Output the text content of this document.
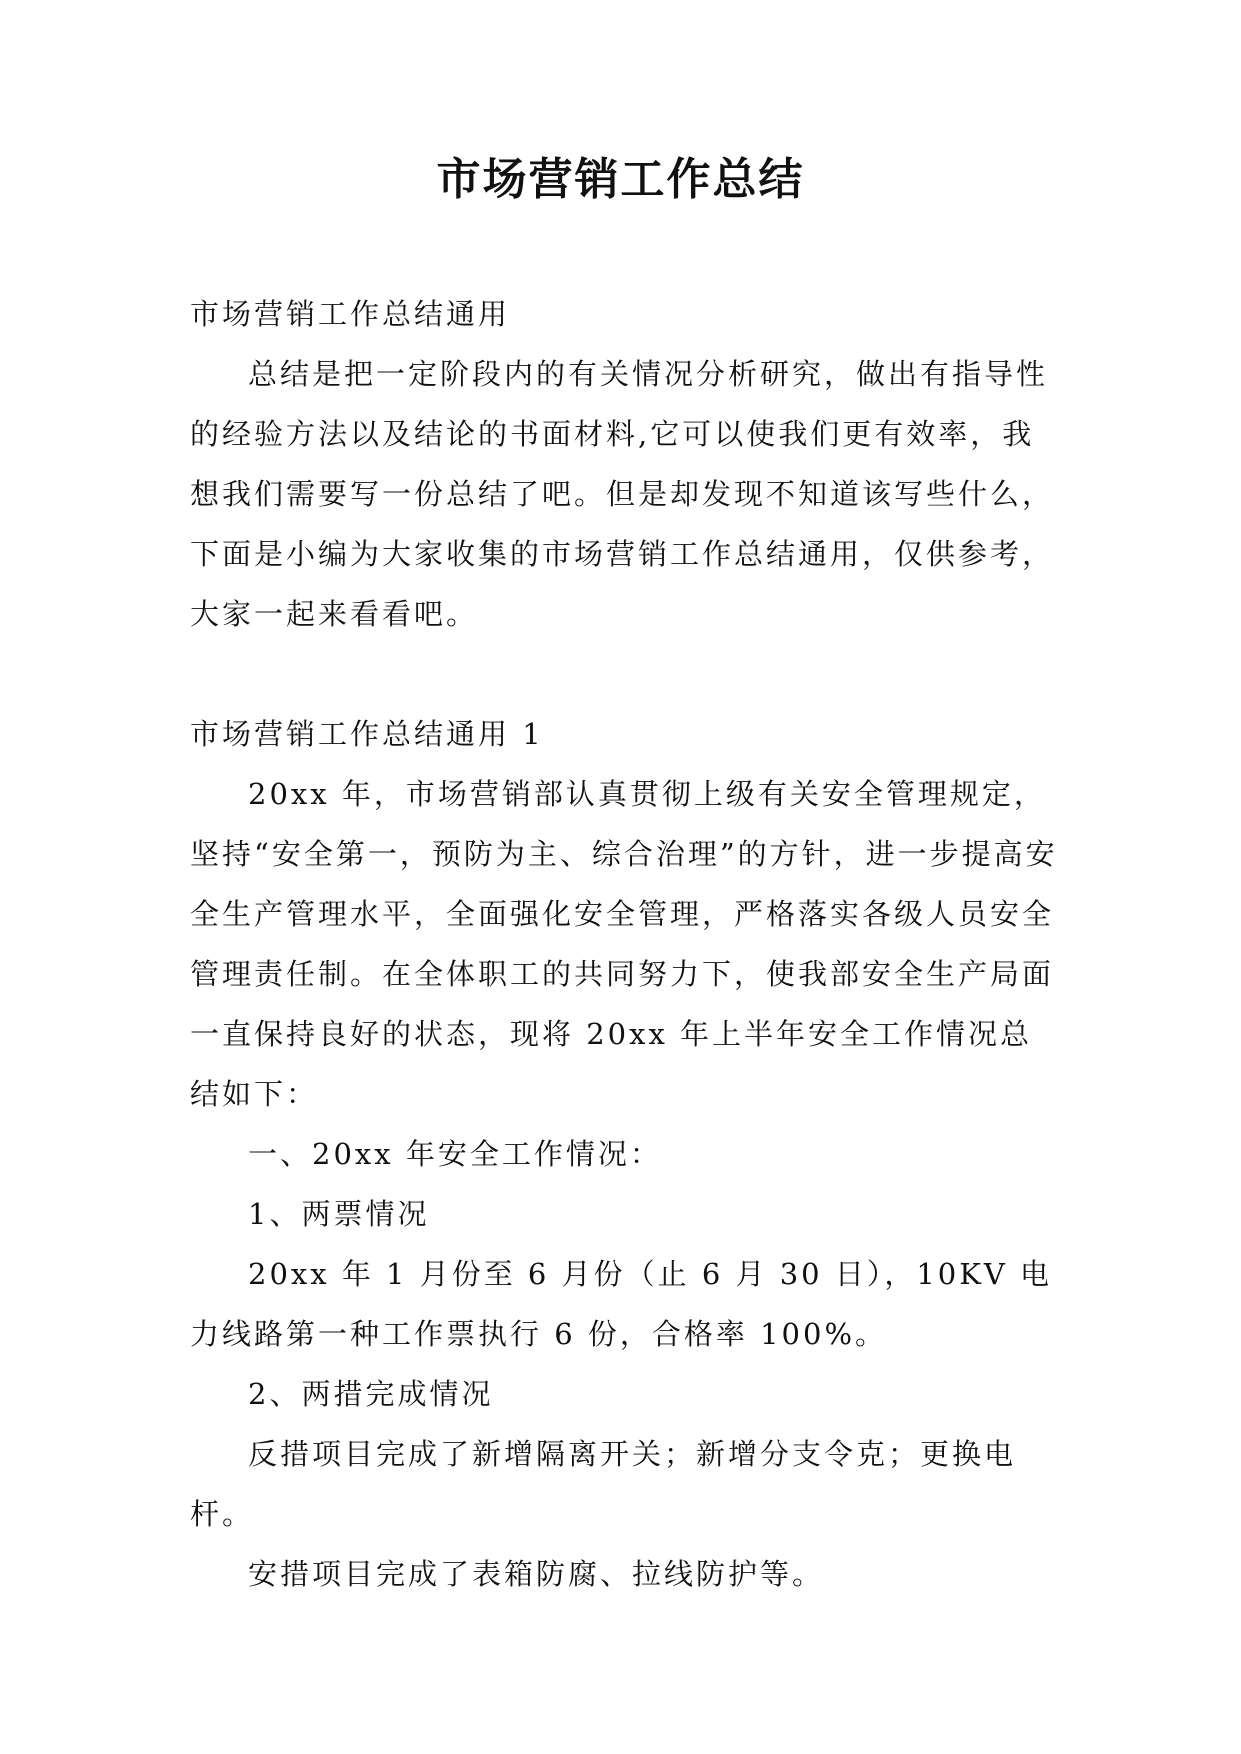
市场营销工作总结

市场营销工作总结通用

总结是把一定阶段内的有关情况分析研究，做出有指导性的经验方法以及结论的书面材料,它可以使我们更有效率，我想我们需要写一份总结了吧。但是却发现不知道该写些什么，下面是小编为大家收集的市场营销工作总结通用，仅供参考，大家一起来看看吧。

市场营销工作总结通用 1

20xx 年，市场营销部认真贯彻上级有关安全管理规定，坚持“安全第一，预防为主、综合治理”的方针，进一步提高安全生产管理水平，全面强化安全管理，严格落实各级人员安全管理责任制。在全体职工的共同努力下，使我部安全生产局面一直保持良好的状态，现将 20xx 年上半年安全工作情况总结如下：

一、20xx 年安全工作情况：

1、两票情况

20xx 年 1 月份至 6 月份（止 6 月 30 日），10KV 电力线路第一种工作票执行 6 份，合格率 100%。

2、两措完成情况

反措项目完成了新增隔离开关；新增分支令克；更换电杆。

安措项目完成了表箱防腐、拉线防护等。
